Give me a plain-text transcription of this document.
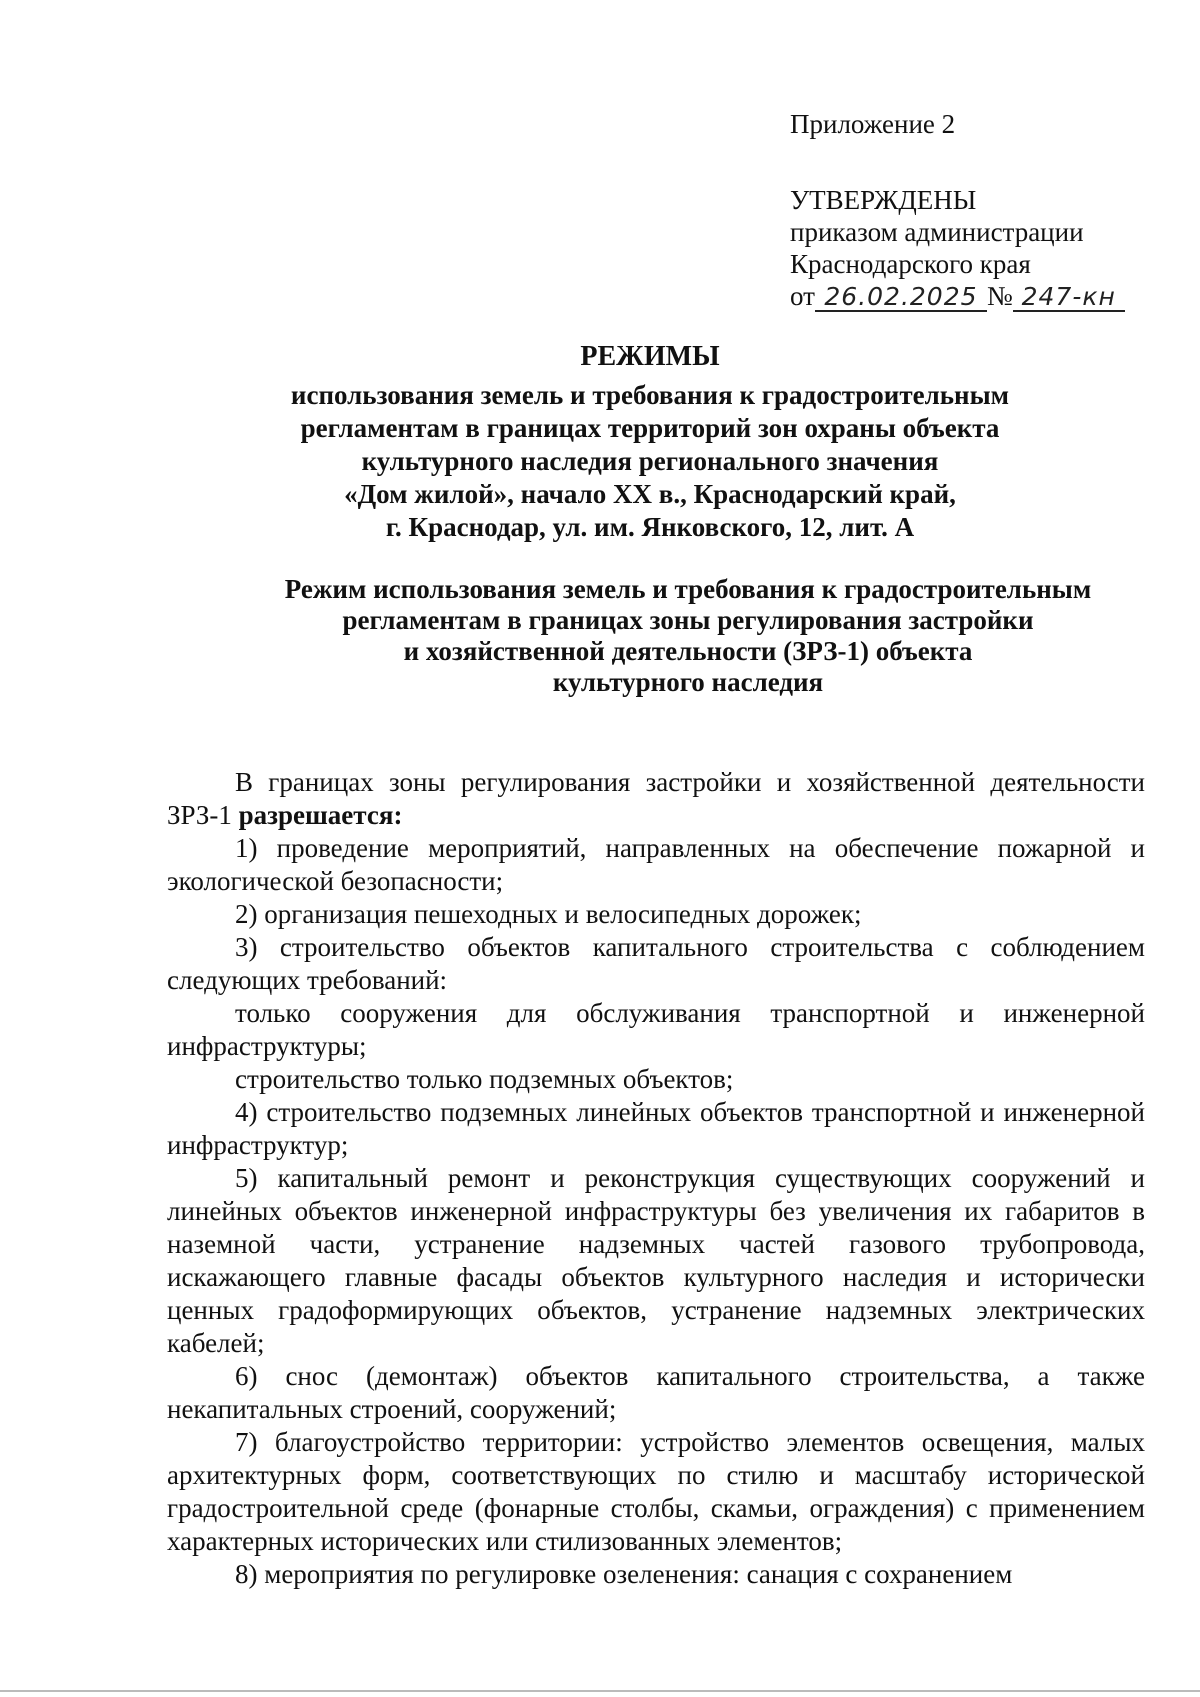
Приложение 2
УТВЕРЖДЕНЫ
приказом администрации
Краснодарского края
от 26.02.2025 № 247-кн
РЕЖИМЫ
использования земель и требования к градостроительным
регламентам в границах территорий зон охраны объекта
культурного наследия регионального значения
«Дом жилой», начало XX в., Краснодарский край,
г. Краснодар, ул. им. Янковского, 12, лит. А
Режим использования земель и требования к градостроительным
регламентам в границах зоны регулирования застройки
и хозяйственной деятельности (ЗРЗ-1) объекта
культурного наследия

В границах зоны регулирования застройки и хозяйственной деятельности ЗРЗ-1 разрешается:

1) проведение мероприятий, направленных на обеспечение пожарной и экологической безопасности;

2) организация пешеходных и велосипедных дорожек;

3) строительство объектов капитального строительства с соблюдением следующих требований:

только сооружения для обслуживания транспортной и инженерной инфраструктуры;

строительство только подземных объектов;

4) строительство подземных линейных объектов транспортной и инженерной инфраструктур;

5) капитальный ремонт и реконструкция существующих сооружений и линейных объектов инженерной инфраструктуры без увеличения их габаритов в наземной части, устранение надземных частей газового трубопровода, искажающего главные фасады объектов культурного наследия и исторически ценных градоформирующих объектов, устранение надземных электрических кабелей;

6) снос (демонтаж) объектов капитального строительства, а также некапитальных строений, сооружений;

7) благоустройство территории: устройство элементов освещения, малых архитектурных форм, соответствующих по стилю и масштабу исторической градостроительной среде (фонарные столбы, скамьи, ограждения) с применением характерных исторических или стилизованных элементов;

8) мероприятия по регулировке озеленения: санация с сохранением
